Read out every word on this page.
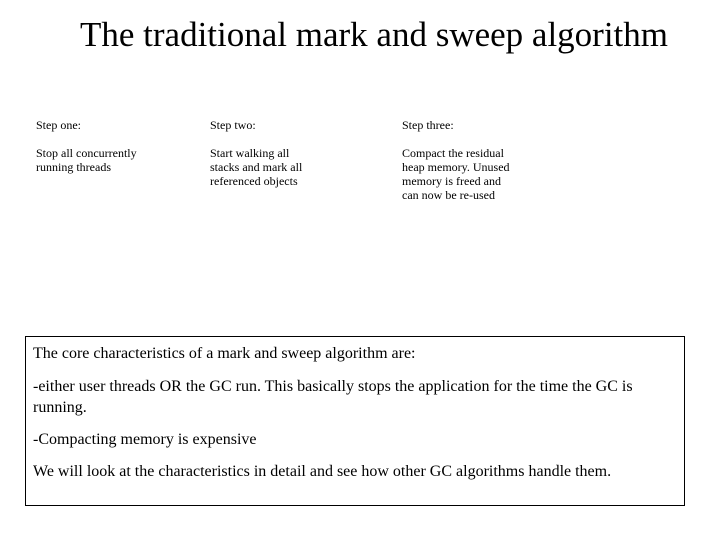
The traditional mark and sweep algorithm
Step one:
Stop all concurrently running threads
Step two:
Start walking all stacks and mark all referenced objects
Step three:
Compact the residual heap memory. Unused memory is freed and can now be re-used

The core characteristics of a mark and sweep algorithm are:

-either user threads OR the GC run. This basically stops the application for the time the GC is running.

-Compacting memory is expensive

We will look at the characteristics in detail and see how other GC algorithms handle them.
